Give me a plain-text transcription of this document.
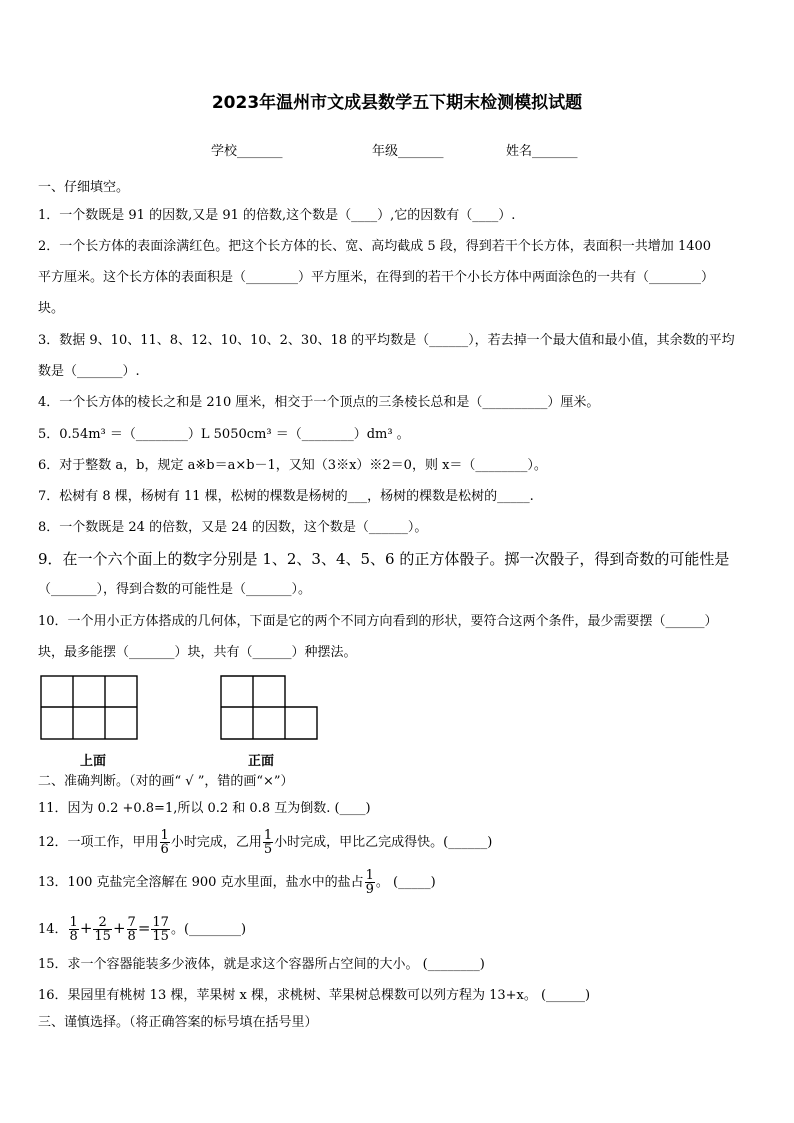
2023年温州市文成县数学五下期末检测模拟试题
学校_______	年级_______	姓名_______
一、仔细填空。
1．一个数既是 91 的因数,又是 91 的倍数,这个数是（____）,它的因数有（____）.
2．一个长方体的表面涂满红色。把这个长方体的长、宽、高均截成 5 段，得到若干个长方体，表面积一共增加 1400
平方厘米。这个长方体的表面积是（________）平方厘米，在得到的若干个小长方体中两面涂色的一共有（________）
块。
3．数据 9、10、11、8、12、10、10、2、30、18 的平均数是（______），若去掉一个最大值和最小值，其余数的平均
数是（_______）.
4．一个长方体的棱长之和是 210 厘米，相交于一个顶点的三条棱长总和是（__________）厘米。
5．0.54m³ ＝（________）L 5050cm³ ＝（________）dm³ 。
6．对于整数 a，b，规定 a※b＝a×b－1，又知（3※x）※2＝0，则 x＝（________）。
7．松树有 8 棵，杨树有 11 棵，松树的棵数是杨树的___，杨树的棵数是松树的_____.
8．一个数既是 24 的倍数，又是 24 的因数，这个数是（______）。
9．在一个六个面上的数字分别是 1、2、3、4、5、6 的正方体骰子。掷一次骰子，得到奇数的可能性是
（_______），得到合数的可能性是（_______）。
10．一个用小正方体搭成的几何体，下面是它的两个不同方向看到的形状，要符合这两个条件，最少需要摆（______）
块，最多能摆（_______）块，共有（______）种摆法。
上面	正面
二、准确判断。（对的画“ √ ”，错的画“×”）
11．因为 0.2 +0.8=1,所以 0.2 和 0.8 互为倒数. (____)
12．一项工作，甲用 $\frac{1}{6}$ 小时完成，乙用 $\frac{1}{5}$ 小时完成，甲比乙完成得快。(______)
13．100 克盐完全溶解在 900 克水里面，盐水中的盐占 $\frac{1}{9}$ 。 (_____)
14． $\frac{1}{8} + \frac{2}{15} + \frac{7}{8} = \frac{17}{15}$ 。(________)
15．求一个容器能装多少液体，就是求这个容器所占空间的大小。 (________)
16．果园里有桃树 13 棵，苹果树 x 棵，求桃树、苹果树总棵数可以列方程为 13+x。 (______)
三、谨慎选择。（将正确答案的标号填在括号里）
